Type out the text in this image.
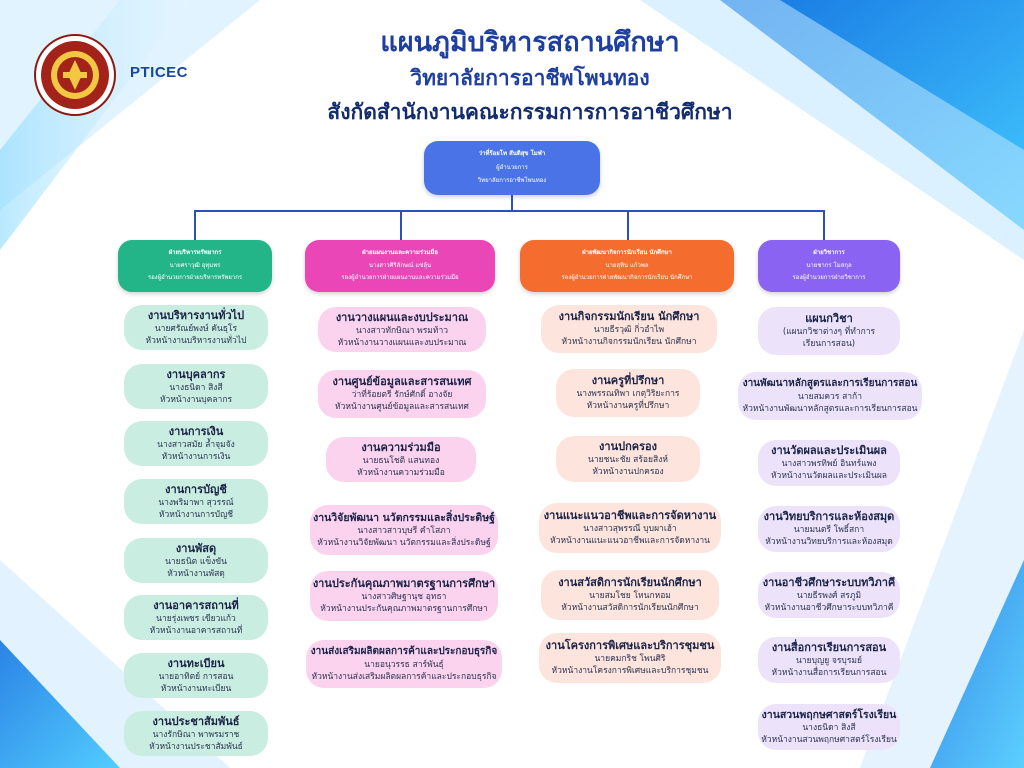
PTICEC
แผนภูมิบริหารสถานศึกษา
วิทยาลัยการอาชีพโพนทอง
สังกัดสำนักงานคณะกรรมการการอาชีวศึกษา
ว่าที่ร้อยโท สันติสุข โมฬา
ผู้อำนวยการ
วิทยาลัยการอาชีพโพนทอง
ฝ่ายบริหารทรัพยากร
นายศราวุฒิ อุทุมพร
รองผู้อำนวยการฝ่ายบริหารทรัพยากร
งานบริหารงานทั่วไป
นายศรัณย์พงษ์ คันธุโร
หัวหน้างานบริหารงานทั่วไป
งานบุคลากร
นางธนิดา สิงสี
หัวหน้างานบุคลากร
งานการเงิน
นางสาวสมัย ล้ำจุมจัง
หัวหน้างานการเงิน
งานการบัญชี
นางพริมาพา สุวรรณ์
หัวหน้างานการบัญชี
งานพัสดุ
นายธนิต แข็งขัน
หัวหน้างานพัสดุ
งานอาคารสถานที่
นายรุ่งเพชร เขียวแก้ว
หัวหน้างานอาคารสถานที่
งานทะเบียน
นายอาทิตย์ การสอน
หัวหน้างานทะเบียน
งานประชาสัมพันธ์
นางรักษิณา พาพรมราช
หัวหน้างานประชาสัมพันธ์
ฝ่ายแผนงานและความร่วมมือ
นางสาวศิริลักษณ์ แซ่ลุ้น
รองผู้อำนวยการฝ่ายแผนงานและความร่วมมือ
งานวางแผนและงบประมาณ
นางสาวทักษิณา พรมท้าว
หัวหน้างานวางแผนและงบประมาณ
งานศูนย์ข้อมูลและสารสนเทศ
ว่าที่ร้อยตรี รักษ์ศักดิ์ อางจัย
หัวหน้างานศูนย์ข้อมูลและสารสนเทศ
งานความร่วมมือ
นายธนโชติ แสนทอง
หัวหน้างานความร่วมมือ
งานวิจัยพัฒนา นวัตกรรมและสิ่งประดิษฐ์
นางสาวสาวบุษรี คำโสภา
หัวหน้างานวิจัยพัฒนา นวัตกรรมและสิ่งประดิษฐ์
งานประกันคุณภาพมาตรฐานการศึกษา
นางสาวศิษฐานุช อุทธา
หัวหน้างานประกันคุณภาพมาตรฐานการศึกษา
งานส่งเสริมผลิตผลการค้าและประกอบธุรกิจ
นายอนุวรรธ สาร์พันธุ์
หัวหน้างานส่งเสริมผลิตผลการค้าและประกอบธุรกิจ
ฝ่ายพัฒนากิจการนักเรียน นักศึกษา
นายสุทิน แก้วพล
รองผู้อำนวยการฝ่ายพัฒนากิจการนักเรียน นักศึกษา
งานกิจกรรมนักเรียน นักศึกษา
นายธีรวุฒิ กิ่วอำไพ
หัวหน้างานกิจกรรมนักเรียน นักศึกษา
งานครูที่ปรึกษา
นางพรรณทิพา เกตุวิริยะการ
หัวหน้างานครูที่ปรึกษา
งานปกครอง
นายชนะชัย สร้อยสิงห์
หัวหน้างานปกครอง
งานแนะแนวอาชีพและการจัดหางาน
นางสาวสุพรรณี บุบผาเฮ้า
หัวหน้างานแนะแนวอาชีพและการจัดหางาน
งานสวัสดิการนักเรียนนักศึกษา
นายสมโชย โหนกหอม
หัวหน้างานสวัสดิการนักเรียนนักศึกษา
งานโครงการพิเศษและบริการชุมชน
นายคมกริช โพนศิริ
หัวหน้างานโครงการพิเศษและบริการชุมชน
ฝ่ายวิชาการ
นายชากร โมสกุล
รองผู้อำนวยการฝ่ายวิชาการ
แผนกวิชา
(แผนกวิชาต่างๆ ที่ทำการ
เรียนการสอน)
งานพัฒนาหลักสูตรและการเรียนการสอน
นายสมควร สาก้า
หัวหน้างานพัฒนาหลักสูตรและการเรียนการสอน
งานวัดผลและประเมินผล
นางสาวพรทิพย์ อินทร์แพง
หัวหน้างานวัดผลและประเมินผล
งานวิทยบริการและห้องสมุด
นายมนตรี โพธิ์สกา
หัวหน้างานวิทยบริการและห้องสมุด
งานอาชีวศึกษาระบบทวิภาคี
นายธีรพงศ์ สรภูมิ
หัวหน้างานอาชีวศึกษาระบบทวิภาคี
งานสื่อการเรียนการสอน
นายบุญยู จรบุรมย์
หัวหน้างานสื่อการเรียนการสอน
งานสวนพฤกษศาสตร์โรงเรียน
นางธนิดา สิงสี
หัวหน้างานสวนพฤกษศาสตร์โรงเรียน
